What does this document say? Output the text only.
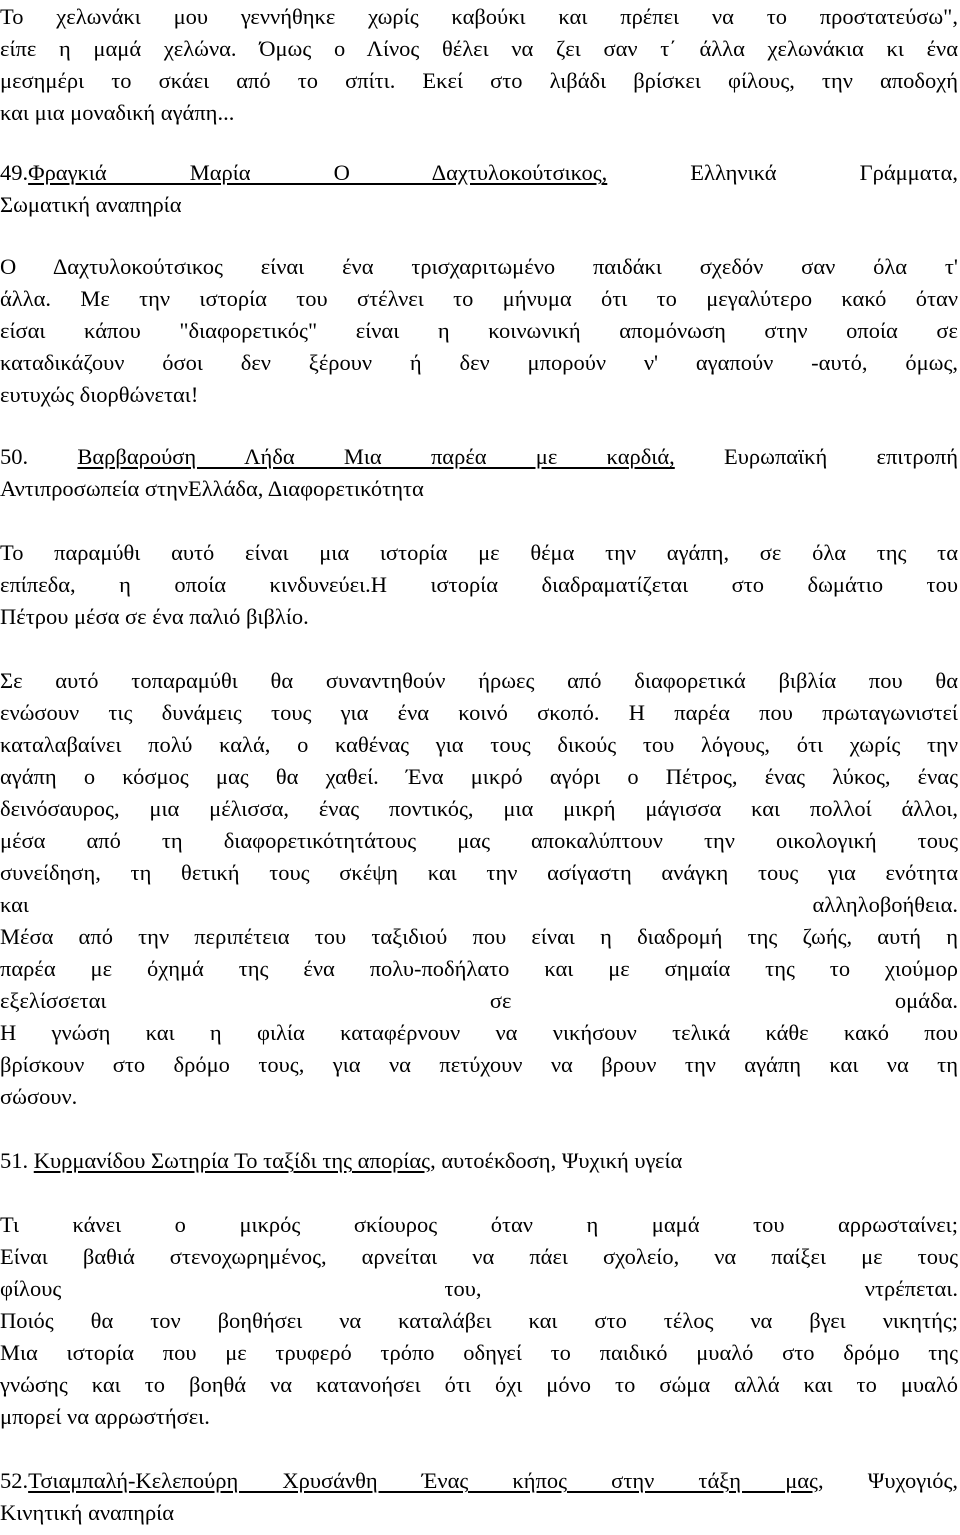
Το χελωνάκι μου γεννήθηκε χωρίς καβούκι και πρέπει να το προστατεύσω",
είπε η μαμά χελώνα. Όμως ο Λίνος θέλει να ζει σαν τ΄ άλλα χελωνάκια κι ένα
μεσημέρι το σκάει από το σπίτι. Εκεί στο λιβάδι βρίσκει φίλους, την αποδοχή
και μια μοναδική αγάπη...
49.Φραγκιά Μαρία Ο Δαχτυλοκούτσικος, Ελληνικά Γράμματα,
Σωματική αναπηρία
Ο Δαχτυλοκούτσικος είναι ένα τρισχαριτωμένο παιδάκι σχεδόν σαν όλα τ'
άλλα. Με την ιστορία του στέλνει το μήνυμα ότι το μεγαλύτερο κακό όταν
είσαι κάπου "διαφορετικός" είναι η κοινωνική απομόνωση στην οποία σε
καταδικάζουν όσοι δεν ξέρουν ή δεν μπορούν ν' αγαπούν -αυτό, όμως,
ευτυχώς διορθώνεται!
50. Βαρβαρούση Λήδα Μια παρέα με καρδιά, Ευρωπαϊκή επιτροπή
Αντιπροσωπεία στηνΕλλάδα, Διαφορετικότητα
Το παραμύθι αυτό είναι μια ιστορία με θέμα την αγάπη, σε όλα της τα
επίπεδα, η οποία κινδυνεύει.Η ιστορία διαδραματίζεται στο δωμάτιο του
Πέτρου μέσα σε ένα παλιό βιβλίο.
Σε αυτό τοπαραμύθι θα συναντηθούν ήρωες από διαφορετικά βιβλία που θα
ενώσουν τις δυνάμεις τους για ένα κοινό σκοπό. Η παρέα που πρωταγωνιστεί
καταλαβαίνει πολύ καλά, ο καθένας για τους δικούς του λόγους, ότι χωρίς την
αγάπη ο κόσμος μας θα χαθεί. Ένα μικρό αγόρι ο Πέτρος, ένας λύκος, ένας
δεινόσαυρος, μια μέλισσα, ένας ποντικός, μια μικρή μάγισσα και πολλοί άλλοι,
μέσα από τη διαφορετικότητάτους μας αποκαλύπτουν την οικολογική τους
συνείδηση, τη θετική τους σκέψη και την ασίγαστη ανάγκη τους για ενότητα
και αλληλοβοήθεια.
Μέσα από την περιπέτεια του ταξιδιού που είναι η διαδρομή της ζωής, αυτή η
παρέα με όχημά της ένα πολυ-ποδήλατο και με σημαία της το χιούμορ
εξελίσσεται σε ομάδα.
Η γνώση και η φιλία καταφέρνουν να νικήσουν τελικά κάθε κακό που
βρίσκουν στο δρόμο τους, για να πετύχουν να βρουν την αγάπη και να τη
σώσουν.
51. Κυρμανίδου Σωτηρία Το ταξίδι της απορίας, αυτοέκδοση, Ψυχική υγεία
Τι κάνει ο μικρός σκίουρος όταν η μαμά του αρρωσταίνει;
Είναι βαθιά στενοχωρημένος, αρνείται να πάει σχολείο, να παίξει με τους
φίλους του, ντρέπεται.
Ποιός θα τον βοηθήσει να καταλάβει και στο τέλος να βγει νικητής;
Μια ιστορία που με τρυφερό τρόπο οδηγεί το παιδικό μυαλό στο δρόμο της
γνώσης και το βοηθά να κατανοήσει ότι όχι μόνο το σώμα αλλά και το μυαλό
μπορεί να αρρωστήσει.
52.Τσιαμπαλή-Κελεπούρη Χρυσάνθη Ένας κήπος στην τάξη μας, Ψυχογιός,
Κινητική αναπηρία
